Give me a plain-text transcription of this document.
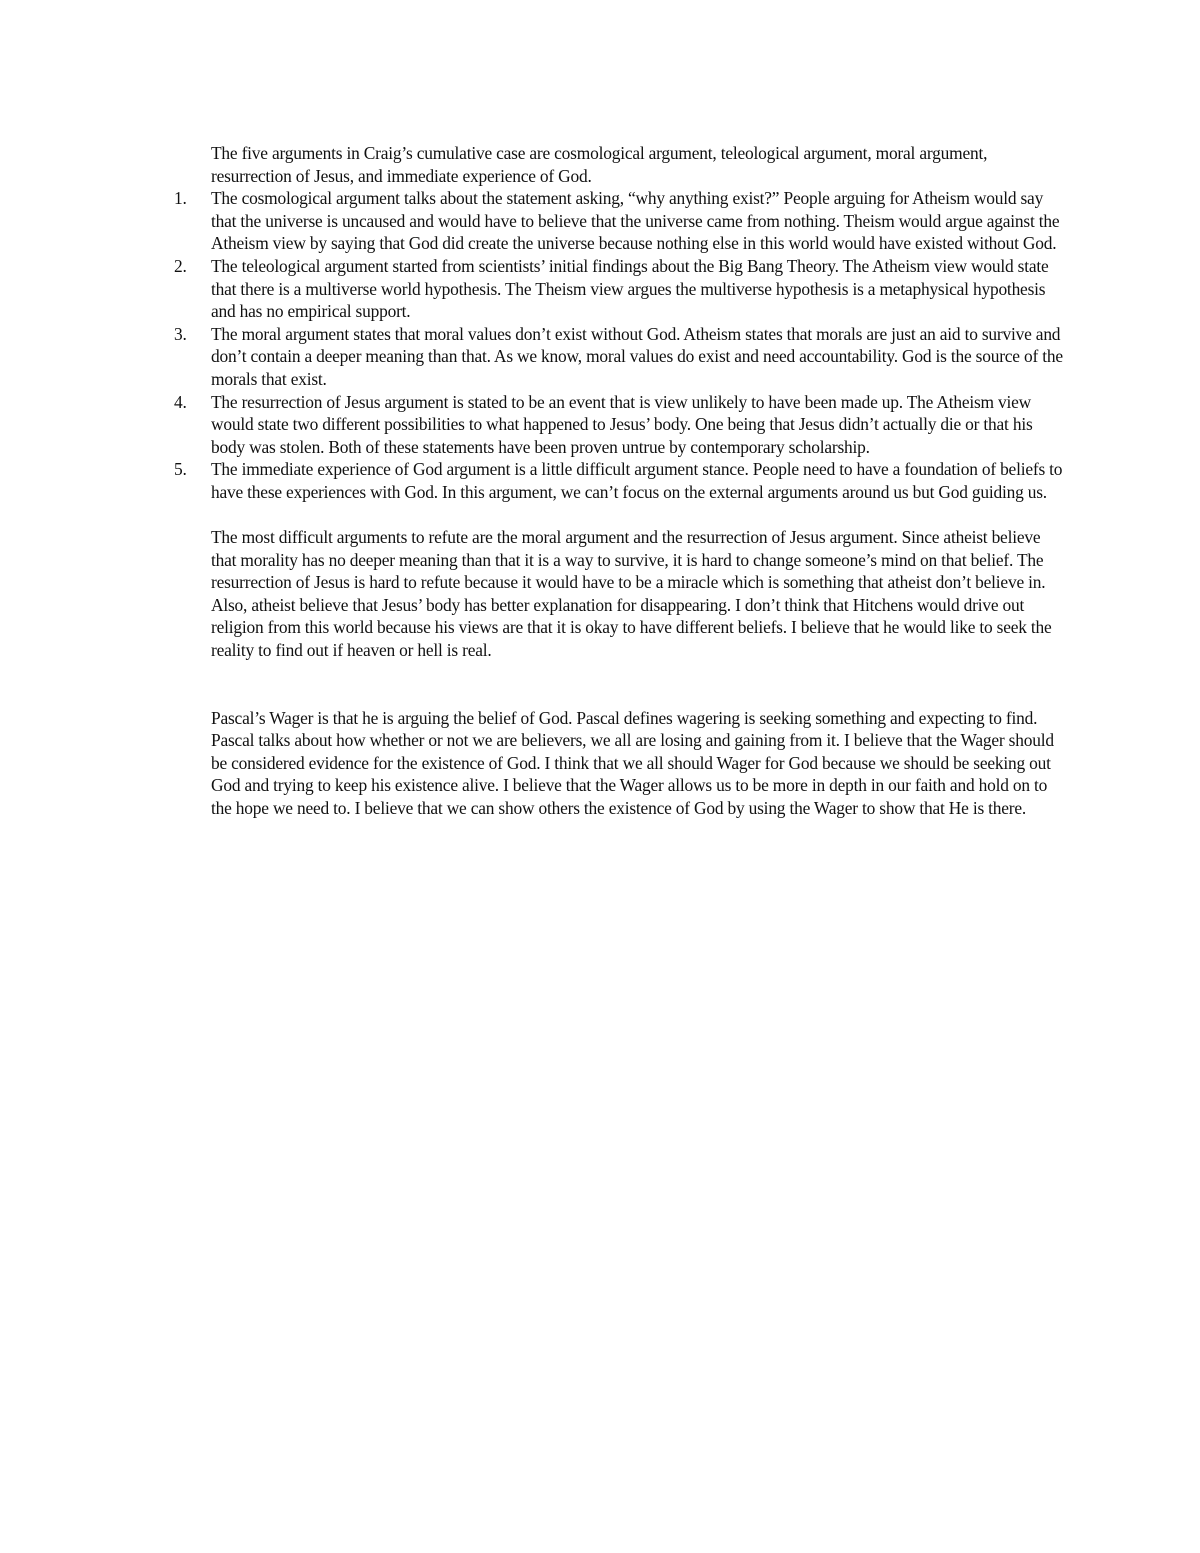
The five arguments in Craig’s cumulative case are cosmological argument, teleological argument, moral argument, resurrection of Jesus, and immediate experience of God.

1.	The cosmological argument talks about the statement asking, “why anything exist?” People arguing for Atheism would say that the universe is uncaused and would have to believe that the universe came from nothing. Theism would argue against the Atheism view by saying that God did create the universe because nothing else in this world would have existed without God.
2.	The teleological argument started from scientists’ initial findings about the Big Bang Theory. The Atheism view would state that there is a multiverse world hypothesis. The Theism view argues the multiverse hypothesis is a metaphysical hypothesis and has no empirical support.
3.	The moral argument states that moral values don’t exist without God. Atheism states that morals are just an aid to survive and don’t contain a deeper meaning than that. As we know, moral values do exist and need accountability. God is the source of the morals that exist.
4.	The resurrection of Jesus argument is stated to be an event that is view unlikely to have been made up. The Atheism view would state two different possibilities to what happened to Jesus’ body. One being that Jesus didn’t actually die or that his body was stolen. Both of these statements have been proven untrue by contemporary scholarship.
5.	The immediate experience of God argument is a little difficult argument stance. People need to have a foundation of beliefs to have these experiences with God. In this argument, we can’t focus on the external arguments around us but God guiding us.

The most difficult arguments to refute are the moral argument and the resurrection of Jesus argument. Since atheist believe that morality has no deeper meaning than that it is a way to survive, it is hard to change someone’s mind on that belief. The resurrection of Jesus is hard to refute because it would have to be a miracle which is something that atheist don’t believe in. Also, atheist believe that Jesus’ body has better explanation for disappearing. I don’t think that Hitchens would drive out religion from this world because his views are that it is okay to have different beliefs. I believe that he would like to seek the reality to find out if heaven or hell is real.

Pascal’s Wager is that he is arguing the belief of God. Pascal defines wagering is seeking something and expecting to find. Pascal talks about how whether or not we are believers, we all are losing and gaining from it. I believe that the Wager should be considered evidence for the existence of God. I think that we all should Wager for God because we should be seeking out God and trying to keep his existence alive. I believe that the Wager allows us to be more in depth in our faith and hold on to the hope we need to. I believe that we can show others the existence of God by using the Wager to show that He is there.
